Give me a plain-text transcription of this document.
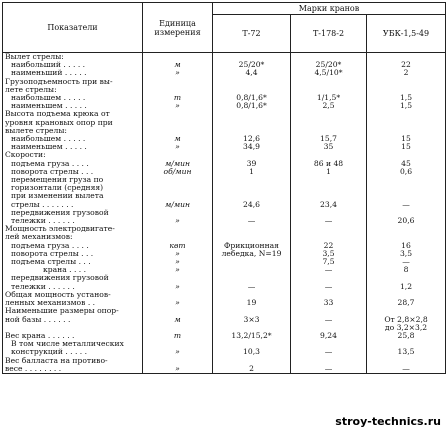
Показатели	Единица измерения	Марки кранов		
		Т-72	Т-178-2	УБК-1,5-49
Вылет стрелы:				
наибольший . . . . .	м	25/20*	25/20*	22
наименьший . . . . .	»	4,4	4,5/10*	2
Грузоподъемность при вы-				
лете стрелы:				
наибольшем . . . . .	т	0,8/1,6*	1/1,5*	1,5
наименьшем . . . . .	»	0,8/1,6*	2,5	1,5
Высота подъема крюка от				
уровня крановых опор при				
вылете стрелы:				
наибольшем . . . . .	м	12,6	15,7	15
наименьшем . . . . .	»	34,9	35	15
Скорости:				
подъема груза . . . .	м/мин	39	86 и 48	45
поворота стрелы . . .	об/мин	1	1	0,6
перемещения груза по				
горизонтали (средняя)				
при изменении вылета				
стрелы . . . . . . .	м/мин	24,6	23,4	—
передвижения грузовой				
тележки . . . . . .	»	—	—	20,6
Мощность электродвигате-				
лей механизмов:				
подъема груза . . . .	квт	Фрикционная	22	16
поворота стрелы . . .	»	лебедка, N=19	3,5	3,5
подъема стрелы . . .	»		7,5	—
крана . . . .	»		—	8
передвижения грузовой				
тележки . . . . . .	»	—	—	1,2
Общая мощность установ-				
ленных механизмов . .	»	19	33	28,7
Наименьшие размеры опор-				
ной базы . . . . . .	м	3×3	—	От 2,8×2,8
				до 3,2×3,2
Вес крана . . . . . .	т	13,2/15,2*	9,24	25,8
В том числе металлических				
конструкций . . . . .	»	10,3	—	13,5
Вес балласта на противо-				
весе . . . . . . . .	»	2	—	—
stroy-technics.ru
